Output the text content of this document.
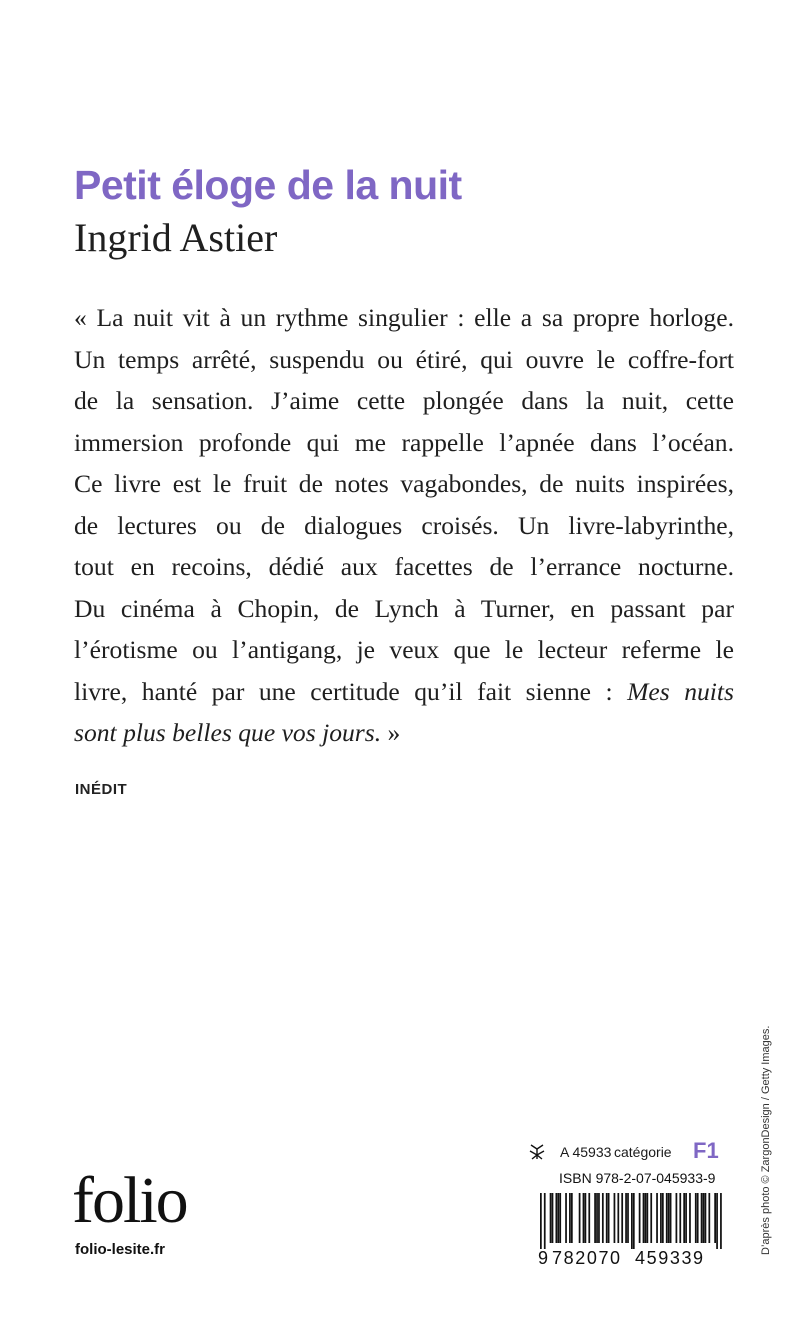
Petit éloge de la nuit
Ingrid Astier
« La nuit vit à un rythme singulier : elle a sa propre horloge.
Un temps arrêté, suspendu ou étiré, qui ouvre le coffre-fort
de la sensation. J’aime cette plongée dans la nuit, cette
immersion profonde qui me rappelle l’apnée dans l’océan.
Ce livre est le fruit de notes vagabondes, de nuits inspirées,
de lectures ou de dialogues croisés. Un livre-labyrinthe,
tout en recoins, dédié aux facettes de l’errance nocturne.
Du cinéma à Chopin, de Lynch à Turner, en passant par
l’érotisme ou l’antigang, je veux que le lecteur referme le
livre, hanté par une certitude qu’il fait sienne : Mes nuits
sont plus belles que vos jours. »
INÉDIT
D’après photo © ZargonDesign / Getty Images.
folio
folio-lesite.fr
A 45933 catégorie F1
ISBN 978-2-07-045933-9
9 782070 459339
